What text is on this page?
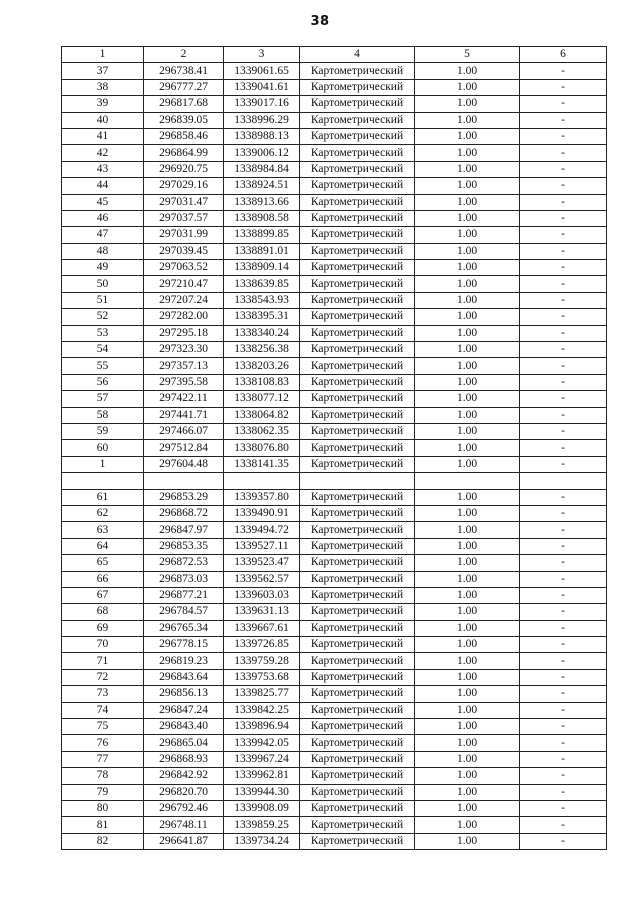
38
1	2	3	4	5	6
37	296738.41	1339061.65	Картометрический	1.00	-
38	296777.27	1339041.61	Картометрический	1.00	-
39	296817.68	1339017.16	Картометрический	1.00	-
40	296839.05	1338996.29	Картометрический	1.00	-
41	296858.46	1338988.13	Картометрический	1.00	-
42	296864.99	1339006.12	Картометрический	1.00	-
43	296920.75	1338984.84	Картометрический	1.00	-
44	297029.16	1338924.51	Картометрический	1.00	-
45	297031.47	1338913.66	Картометрический	1.00	-
46	297037.57	1338908.58	Картометрический	1.00	-
47	297031.99	1338899.85	Картометрический	1.00	-
48	297039.45	1338891.01	Картометрический	1.00	-
49	297063.52	1338909.14	Картометрический	1.00	-
50	297210.47	1338639.85	Картометрический	1.00	-
51	297207.24	1338543.93	Картометрический	1.00	-
52	297282.00	1338395.31	Картометрический	1.00	-
53	297295.18	1338340.24	Картометрический	1.00	-
54	297323.30	1338256.38	Картометрический	1.00	-
55	297357.13	1338203.26	Картометрический	1.00	-
56	297395.58	1338108.83	Картометрический	1.00	-
57	297422.11	1338077.12	Картометрический	1.00	-
58	297441.71	1338064.82	Картометрический	1.00	-
59	297466.07	1338062.35	Картометрический	1.00	-
60	297512.84	1338076.80	Картометрический	1.00	-
1	297604.48	1338141.35	Картометрический	1.00	-

61	296853.29	1339357.80	Картометрический	1.00	-
62	296868.72	1339490.91	Картометрический	1.00	-
63	296847.97	1339494.72	Картометрический	1.00	-
64	296853.35	1339527.11	Картометрический	1.00	-
65	296872.53	1339523.47	Картометрический	1.00	-
66	296873.03	1339562.57	Картометрический	1.00	-
67	296877.21	1339603.03	Картометрический	1.00	-
68	296784.57	1339631.13	Картометрический	1.00	-
69	296765.34	1339667.61	Картометрический	1.00	-
70	296778.15	1339726.85	Картометрический	1.00	-
71	296819.23	1339759.28	Картометрический	1.00	-
72	296843.64	1339753.68	Картометрический	1.00	-
73	296856.13	1339825.77	Картометрический	1.00	-
74	296847.24	1339842.25	Картометрический	1.00	-
75	296843.40	1339896.94	Картометрический	1.00	-
76	296865.04	1339942.05	Картометрический	1.00	-
77	296868.93	1339967.24	Картометрический	1.00	-
78	296842.92	1339962.81	Картометрический	1.00	-
79	296820.70	1339944.30	Картометрический	1.00	-
80	296792.46	1339908.09	Картометрический	1.00	-
81	296748.11	1339859.25	Картометрический	1.00	-
82	296641.87	1339734.24	Картометрический	1.00	-
